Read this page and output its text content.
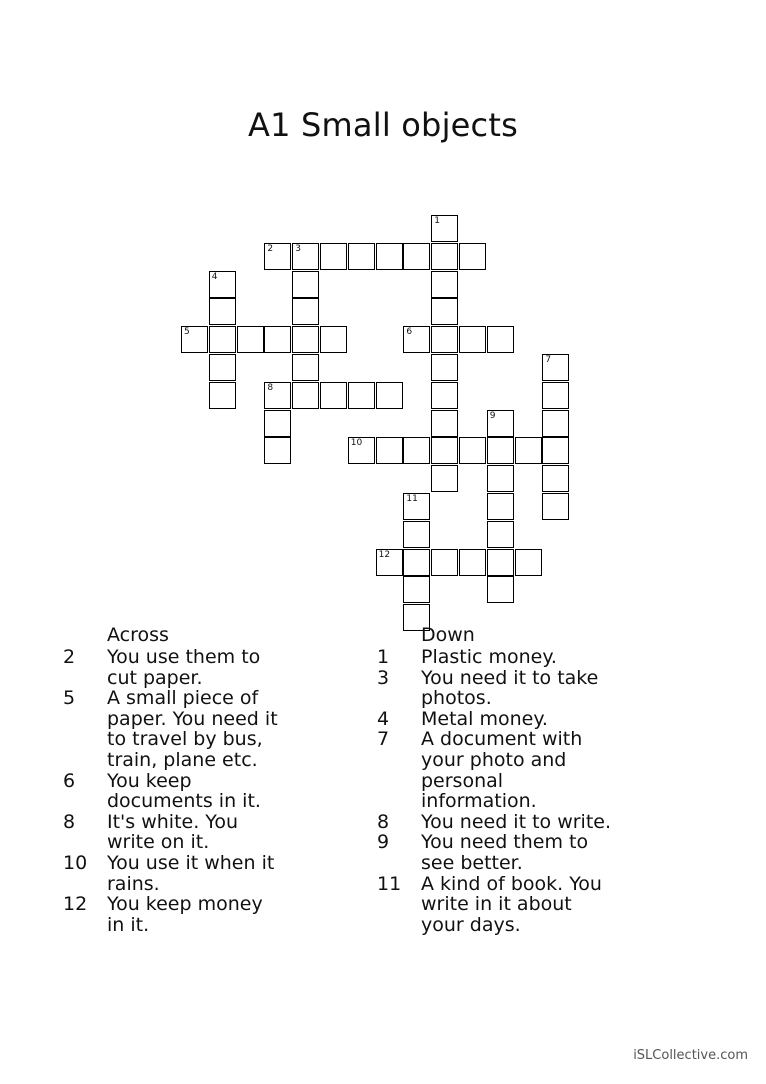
A1 Small objects
1
2 3
4
5	6
7
8
9
10
11
12
Across
2	You use them to
cut paper.
5	A small piece of
paper. You need it
to travel by bus,
train, plane etc.
6	You keep
documents in it.
8	It's white. You
write on it.
10	You use it when it
rains.
12	You keep money
in it.
Down
1	Plastic money.
3	You need it to take
photos.
4	Metal money.
7	A document with
your photo and
personal
information.
8	You need it to write.
9	You need them to
see better.
11	A kind of book. You
write in it about
your days.
iSLCollective.com
